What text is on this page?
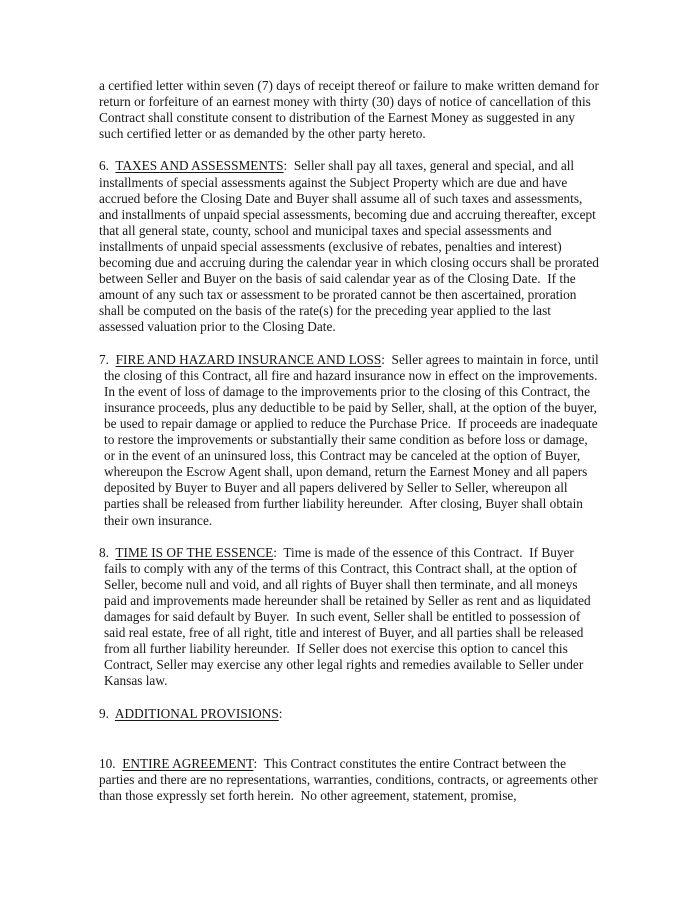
a certified letter within seven (7) days of receipt thereof or failure to make written demand for return or forfeiture of an earnest money with thirty (30) days of notice of cancellation of this Contract shall constitute consent to distribution of the Earnest Money as suggested in any such certified letter or as demanded by the other party hereto.

6.  TAXES AND ASSESSMENTS:  Seller shall pay all taxes, general and special, and all installments of special assessments against the Subject Property which are due and have accrued before the Closing Date and Buyer shall assume all of such taxes and assessments, and installments of unpaid special assessments, becoming due and accruing thereafter, except that all general state, county, school and municipal taxes and special assessments and installments of unpaid special assessments (exclusive of rebates, penalties and interest) becoming due and accruing during the calendar year in which closing occurs shall be prorated between Seller and Buyer on the basis of said calendar year as of the Closing Date.  If the amount of any such tax or assessment to be prorated cannot be then ascertained, proration shall be computed on the basis of the rate(s) for the preceding year applied to the last assessed valuation prior to the Closing Date.

7.  FIRE AND HAZARD INSURANCE AND LOSS:  Seller agrees to maintain in force, until the closing of this Contract, all fire and hazard insurance now in effect on the improvements.  In the event of loss of damage to the improvements prior to the closing of this Contract, the insurance proceeds, plus any deductible to be paid by Seller, shall, at the option of the buyer, be used to repair damage or applied to reduce the Purchase Price.  If proceeds are inadequate to restore the improvements or substantially their same condition as before loss or damage, or in the event of an uninsured loss, this Contract may be canceled at the option of Buyer, whereupon the Escrow Agent shall, upon demand, return the Earnest Money and all papers deposited by Buyer to Buyer and all papers delivered by Seller to Seller, whereupon all parties shall be released from further liability hereunder.  After closing, Buyer shall obtain their own insurance.

8.  TIME IS OF THE ESSENCE:  Time is made of the essence of this Contract.  If Buyer fails to comply with any of the terms of this Contract, this Contract shall, at the option of Seller, become null and void, and all rights of Buyer shall then terminate, and all moneys paid and improvements made hereunder shall be retained by Seller as rent and as liquidated damages for said default by Buyer.  In such event, Seller shall be entitled to possession of said real estate, free of all right, title and interest of Buyer, and all parties shall be released from all further liability hereunder.  If Seller does not exercise this option to cancel this Contract, Seller may exercise any other legal rights and remedies available to Seller under Kansas law.

9.  ADDITIONAL PROVISIONS:

10.  ENTIRE AGREEMENT:  This Contract constitutes the entire Contract between the parties and there are no representations, warranties, conditions, contracts, or agreements other than those expressly set forth herein.  No other agreement, statement, promise,
